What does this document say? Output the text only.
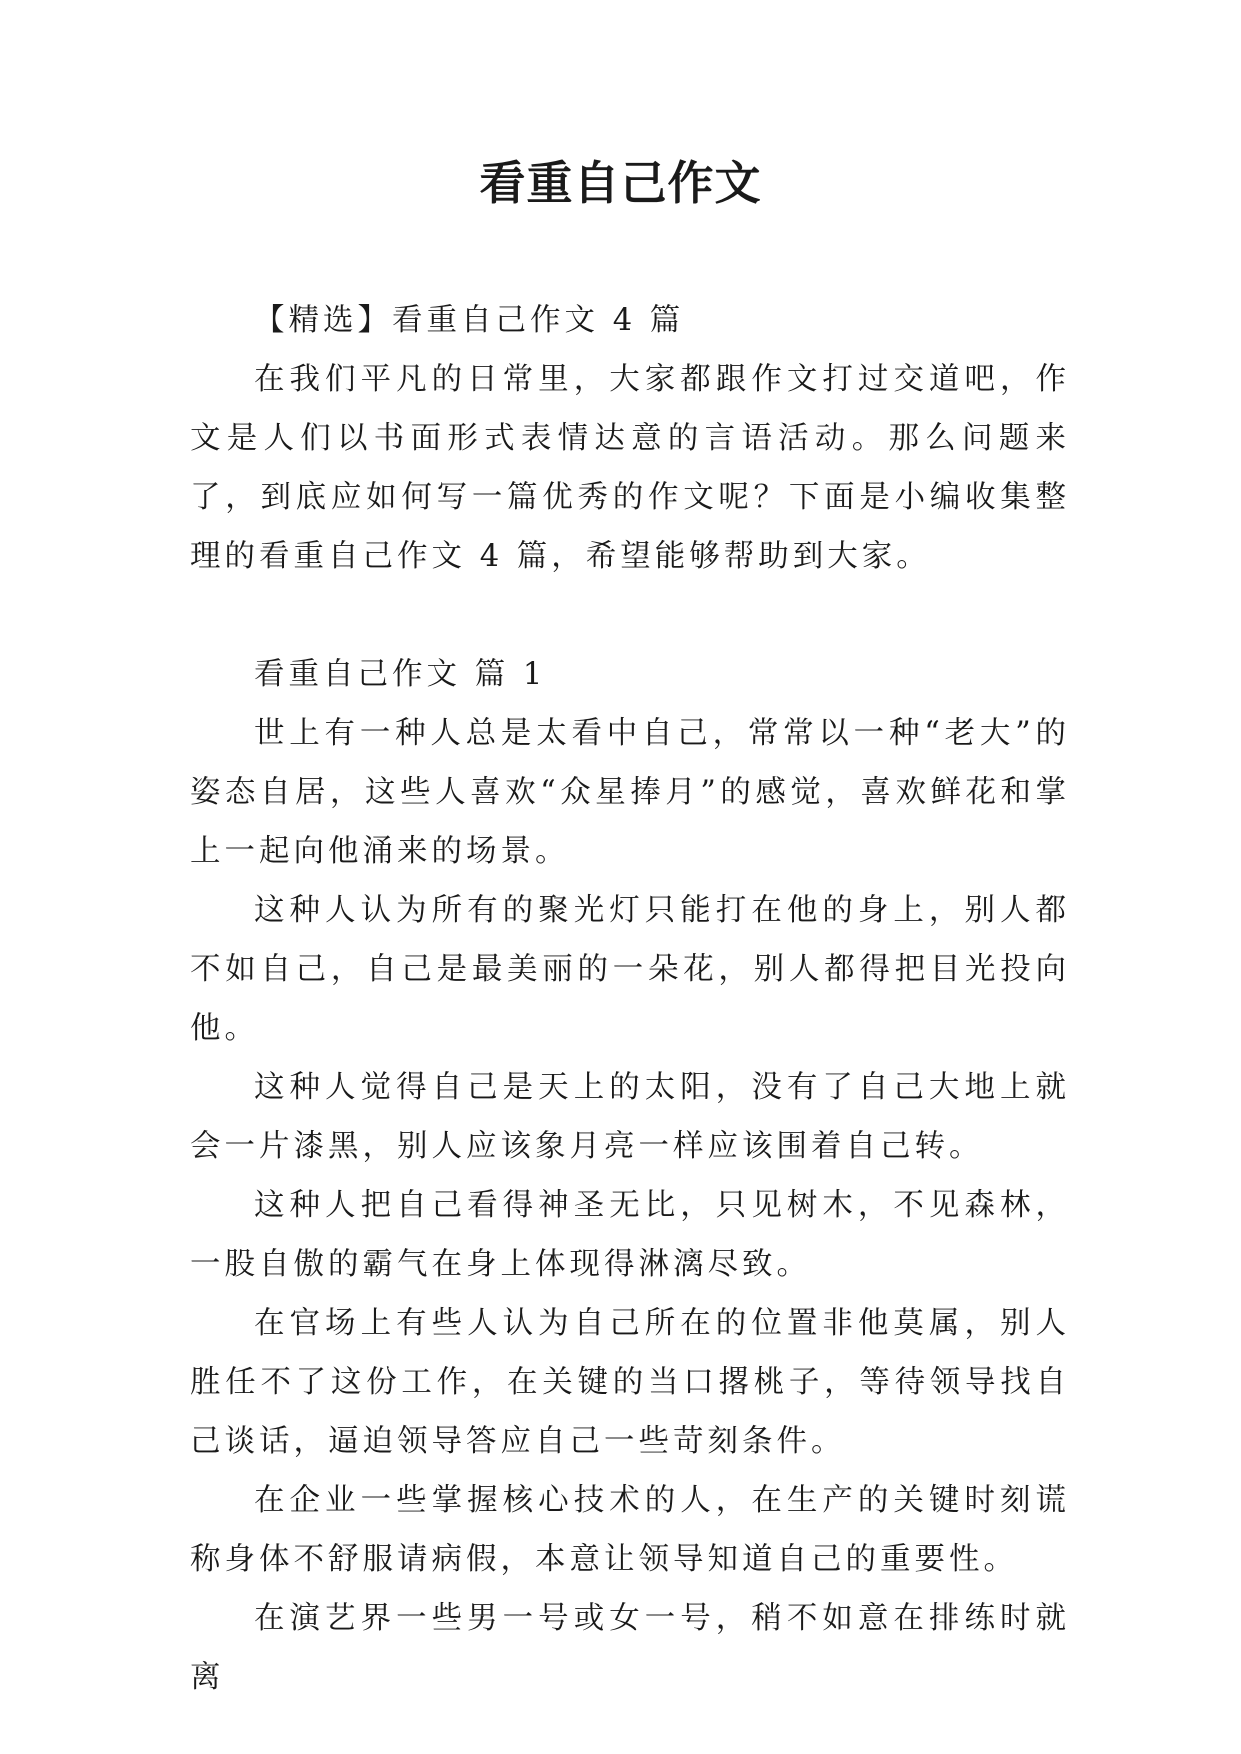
看重自己作文

【精选】看重自己作文 4 篇

在我们平凡的日常里，大家都跟作文打过交道吧，作文是人们以书面形式表情达意的言语活动。那么问题来了，到底应如何写一篇优秀的作文呢？下面是小编收集整理的看重自己作文 4 篇，希望能够帮助到大家。

看重自己作文 篇 1

世上有一种人总是太看中自己，常常以一种“老大”的姿态自居，这些人喜欢“众星捧月”的感觉，喜欢鲜花和掌上一起向他涌来的场景。

这种人认为所有的聚光灯只能打在他的身上，别人都不如自己，自己是最美丽的一朵花，别人都得把目光投向他。

这种人觉得自己是天上的太阳，没有了自己大地上就会一片漆黑，别人应该象月亮一样应该围着自己转。

这种人把自己看得神圣无比，只见树木，不见森林，一股自傲的霸气在身上体现得淋漓尽致。

在官场上有些人认为自己所在的位置非他莫属，别人胜任不了这份工作，在关键的当口撂桃子，等待领导找自己谈话，逼迫领导答应自己一些苛刻条件。

在企业一些掌握核心技术的人，在生产的关键时刻谎称身体不舒服请病假，本意让领导知道自己的重要性。

在演艺界一些男一号或女一号，稍不如意在排练时就离
